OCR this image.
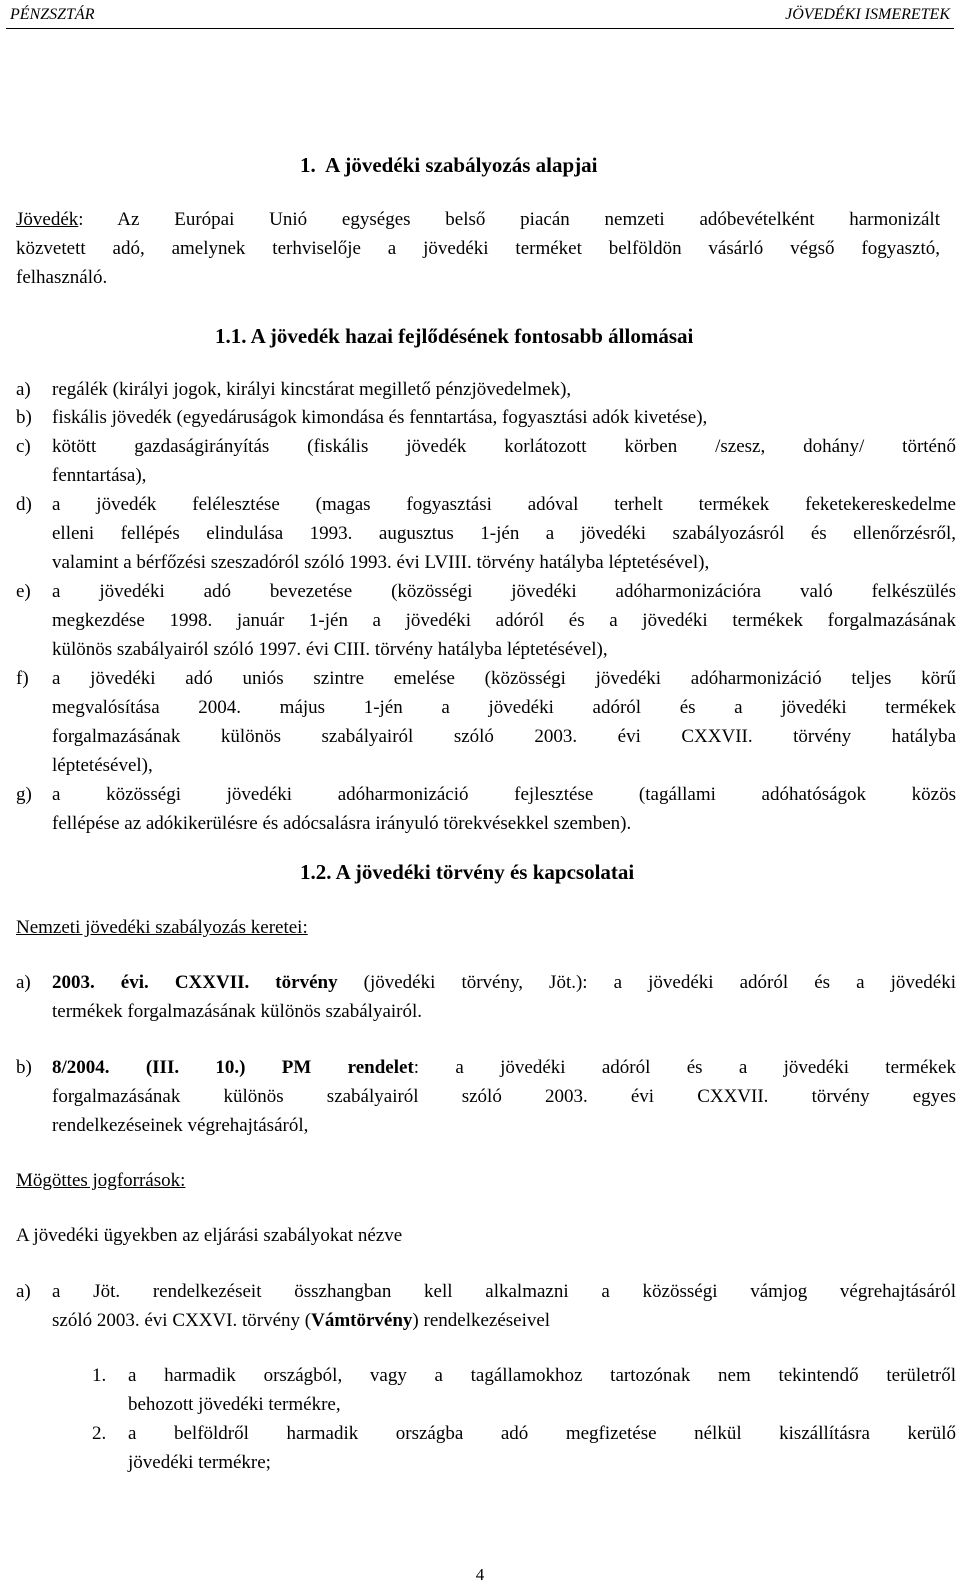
PÉNZSZTÁR	JÖVEDÉKI ISMERETEK
1.  A jövedéki szabályozás alapjai
Jövedék: Az Európai Unió egységes belső piacán nemzeti adóbevételként harmonizált
közvetett adó, amelynek terhviselője a jövedéki terméket belföldön vásárló végső fogyasztó,
felhasználó.
1.1. A jövedék hazai fejlődésének fontosabb állomásai
a)	regálék (királyi jogok, királyi kincstárat megillető pénzjövedelmek),
b)	fiskális jövedék (egyedáruságok kimondása és fenntartása, fogyasztási adók kivetése),
c)	kötött gazdaságirányítás (fiskális jövedék korlátozott körben /szesz, dohány/ történő
fenntartása),
d)	a jövedék felélesztése (magas fogyasztási adóval terhelt termékek feketekereskedelme
elleni fellépés elindulása 1993. augusztus 1-jén a jövedéki szabályozásról és ellenőrzésről,
valamint a bérfőzési szeszadóról szóló 1993. évi LVIII. törvény hatályba léptetésével),
e)	a jövedéki adó bevezetése (közösségi jövedéki adóharmonizációra való felkészülés
megkezdése 1998. január 1-jén a jövedéki adóról és a jövedéki termékek forgalmazásának
különös szabályairól szóló 1997. évi CIII. törvény hatályba léptetésével),
f)	a jövedéki adó uniós szintre emelése (közösségi jövedéki adóharmonizáció teljes körű
megvalósítása 2004. május 1-jén a jövedéki adóról és a jövedéki termékek
forgalmazásának különös szabályairól szóló 2003. évi CXXVII. törvény hatályba
léptetésével),
g)	a közösségi jövedéki adóharmonizáció fejlesztése (tagállami adóhatóságok közös
fellépése az adókikerülésre és adócsalásra irányuló törekvésekkel szemben).
1.2. A jövedéki törvény és kapcsolatai
Nemzeti jövedéki szabályozás keretei:
a)	2003. évi. CXXVII. törvény (jövedéki törvény, Jöt.): a jövedéki adóról és a jövedéki
termékek forgalmazásának különös szabályairól.
b)	8/2004. (III. 10.) PM rendelet: a jövedéki adóról és a jövedéki termékek
forgalmazásának különös szabályairól szóló 2003. évi CXXVII. törvény egyes
rendelkezéseinek végrehajtásáról,
Mögöttes jogforrások:
A jövedéki ügyekben az eljárási szabályokat nézve
a)	a Jöt. rendelkezéseit összhangban kell alkalmazni a közösségi vámjog végrehajtásáról
szóló 2003. évi CXXVI. törvény (Vámtörvény) rendelkezéseivel
1.	a harmadik országból, vagy a tagállamokhoz tartozónak nem tekintendő területről
behozott jövedéki termékre,
2.	a belföldről harmadik országba adó megfizetése nélkül kiszállításra kerülő
jövedéki termékre;
4
